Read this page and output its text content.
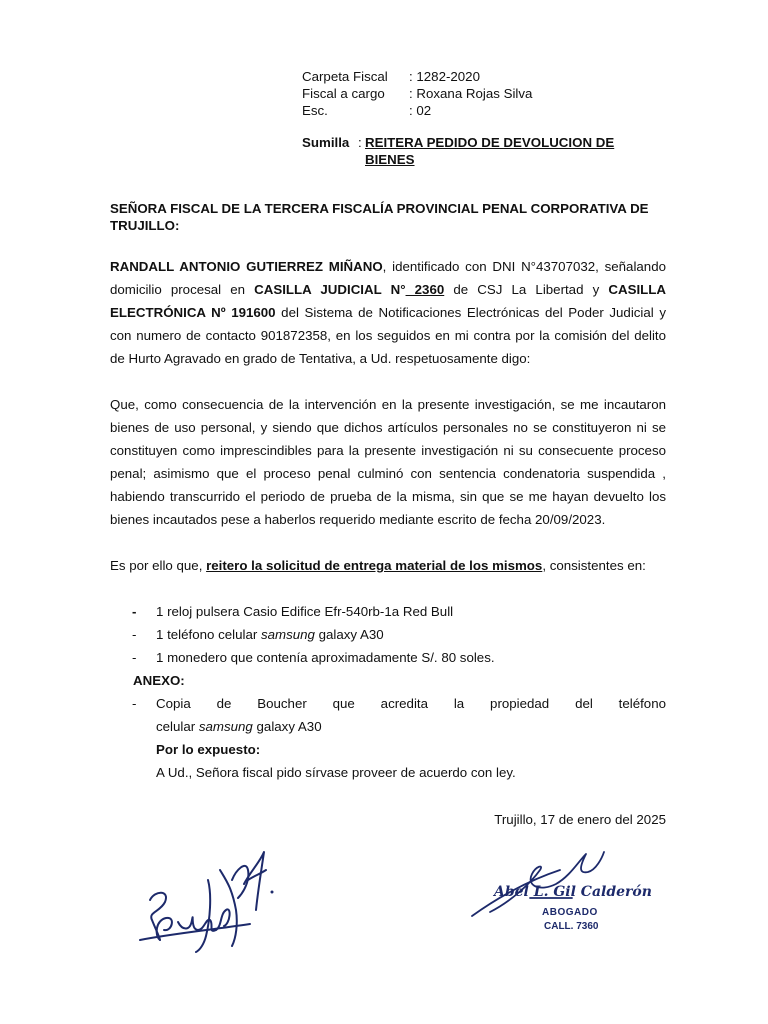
Carpeta Fiscal : 1282-2020
Fiscal a cargo : Roxana Rojas Silva
Esc.	: 02
Sumilla : REITERA PEDIDO DE DEVOLUCION DE BIENES
SEÑORA FISCAL DE LA TERCERA FISCALÍA PROVINCIAL PENAL CORPORATIVA DE TRUJILLO:
RANDALL ANTONIO GUTIERREZ MIÑANO, identificado con DNI N°43707032, señalando domicilio procesal en CASILLA JUDICIAL N° 2360 de CSJ La Libertad y CASILLA ELECTRÓNICA Nº 191600 del Sistema de Notificaciones Electrónicas del Poder Judicial y con numero de contacto 901872358, en los seguidos en mi contra por la comisión del delito de Hurto Agravado en grado de Tentativa, a Ud. respetuosamente digo:
Que, como consecuencia de la intervención en la presente investigación, se me incautaron bienes de uso personal, y siendo que dichos artículos personales no se constituyeron ni se constituyen como imprescindibles para la presente investigación ni su consecuente proceso penal; asimismo que el proceso penal culminó con sentencia condenatoria suspendida , habiendo transcurrido el periodo de prueba de la misma, sin que se me hayan devuelto los bienes incautados pese a haberlos requerido mediante escrito de fecha 20/09/2023.
Es por ello que, reitero la solicitud de entrega material de los mismos, consistentes en:
- 1 reloj pulsera Casio Edifice Efr-540rb-1a Red Bull
- 1 teléfono celular samsung galaxy A30
- 1 monedero que contenía aproximadamente S/. 80 soles.
ANEXO:
- Copia de Boucher que acredita la propiedad del teléfono
celular samsung galaxy A30
Por lo expuesto:
A Ud., Señora fiscal pido sírvase proveer de acuerdo con ley.
Trujillo, 17 de enero del 2025
Abel L. Gil Calderón
ABOGADO
CALL. 7360
